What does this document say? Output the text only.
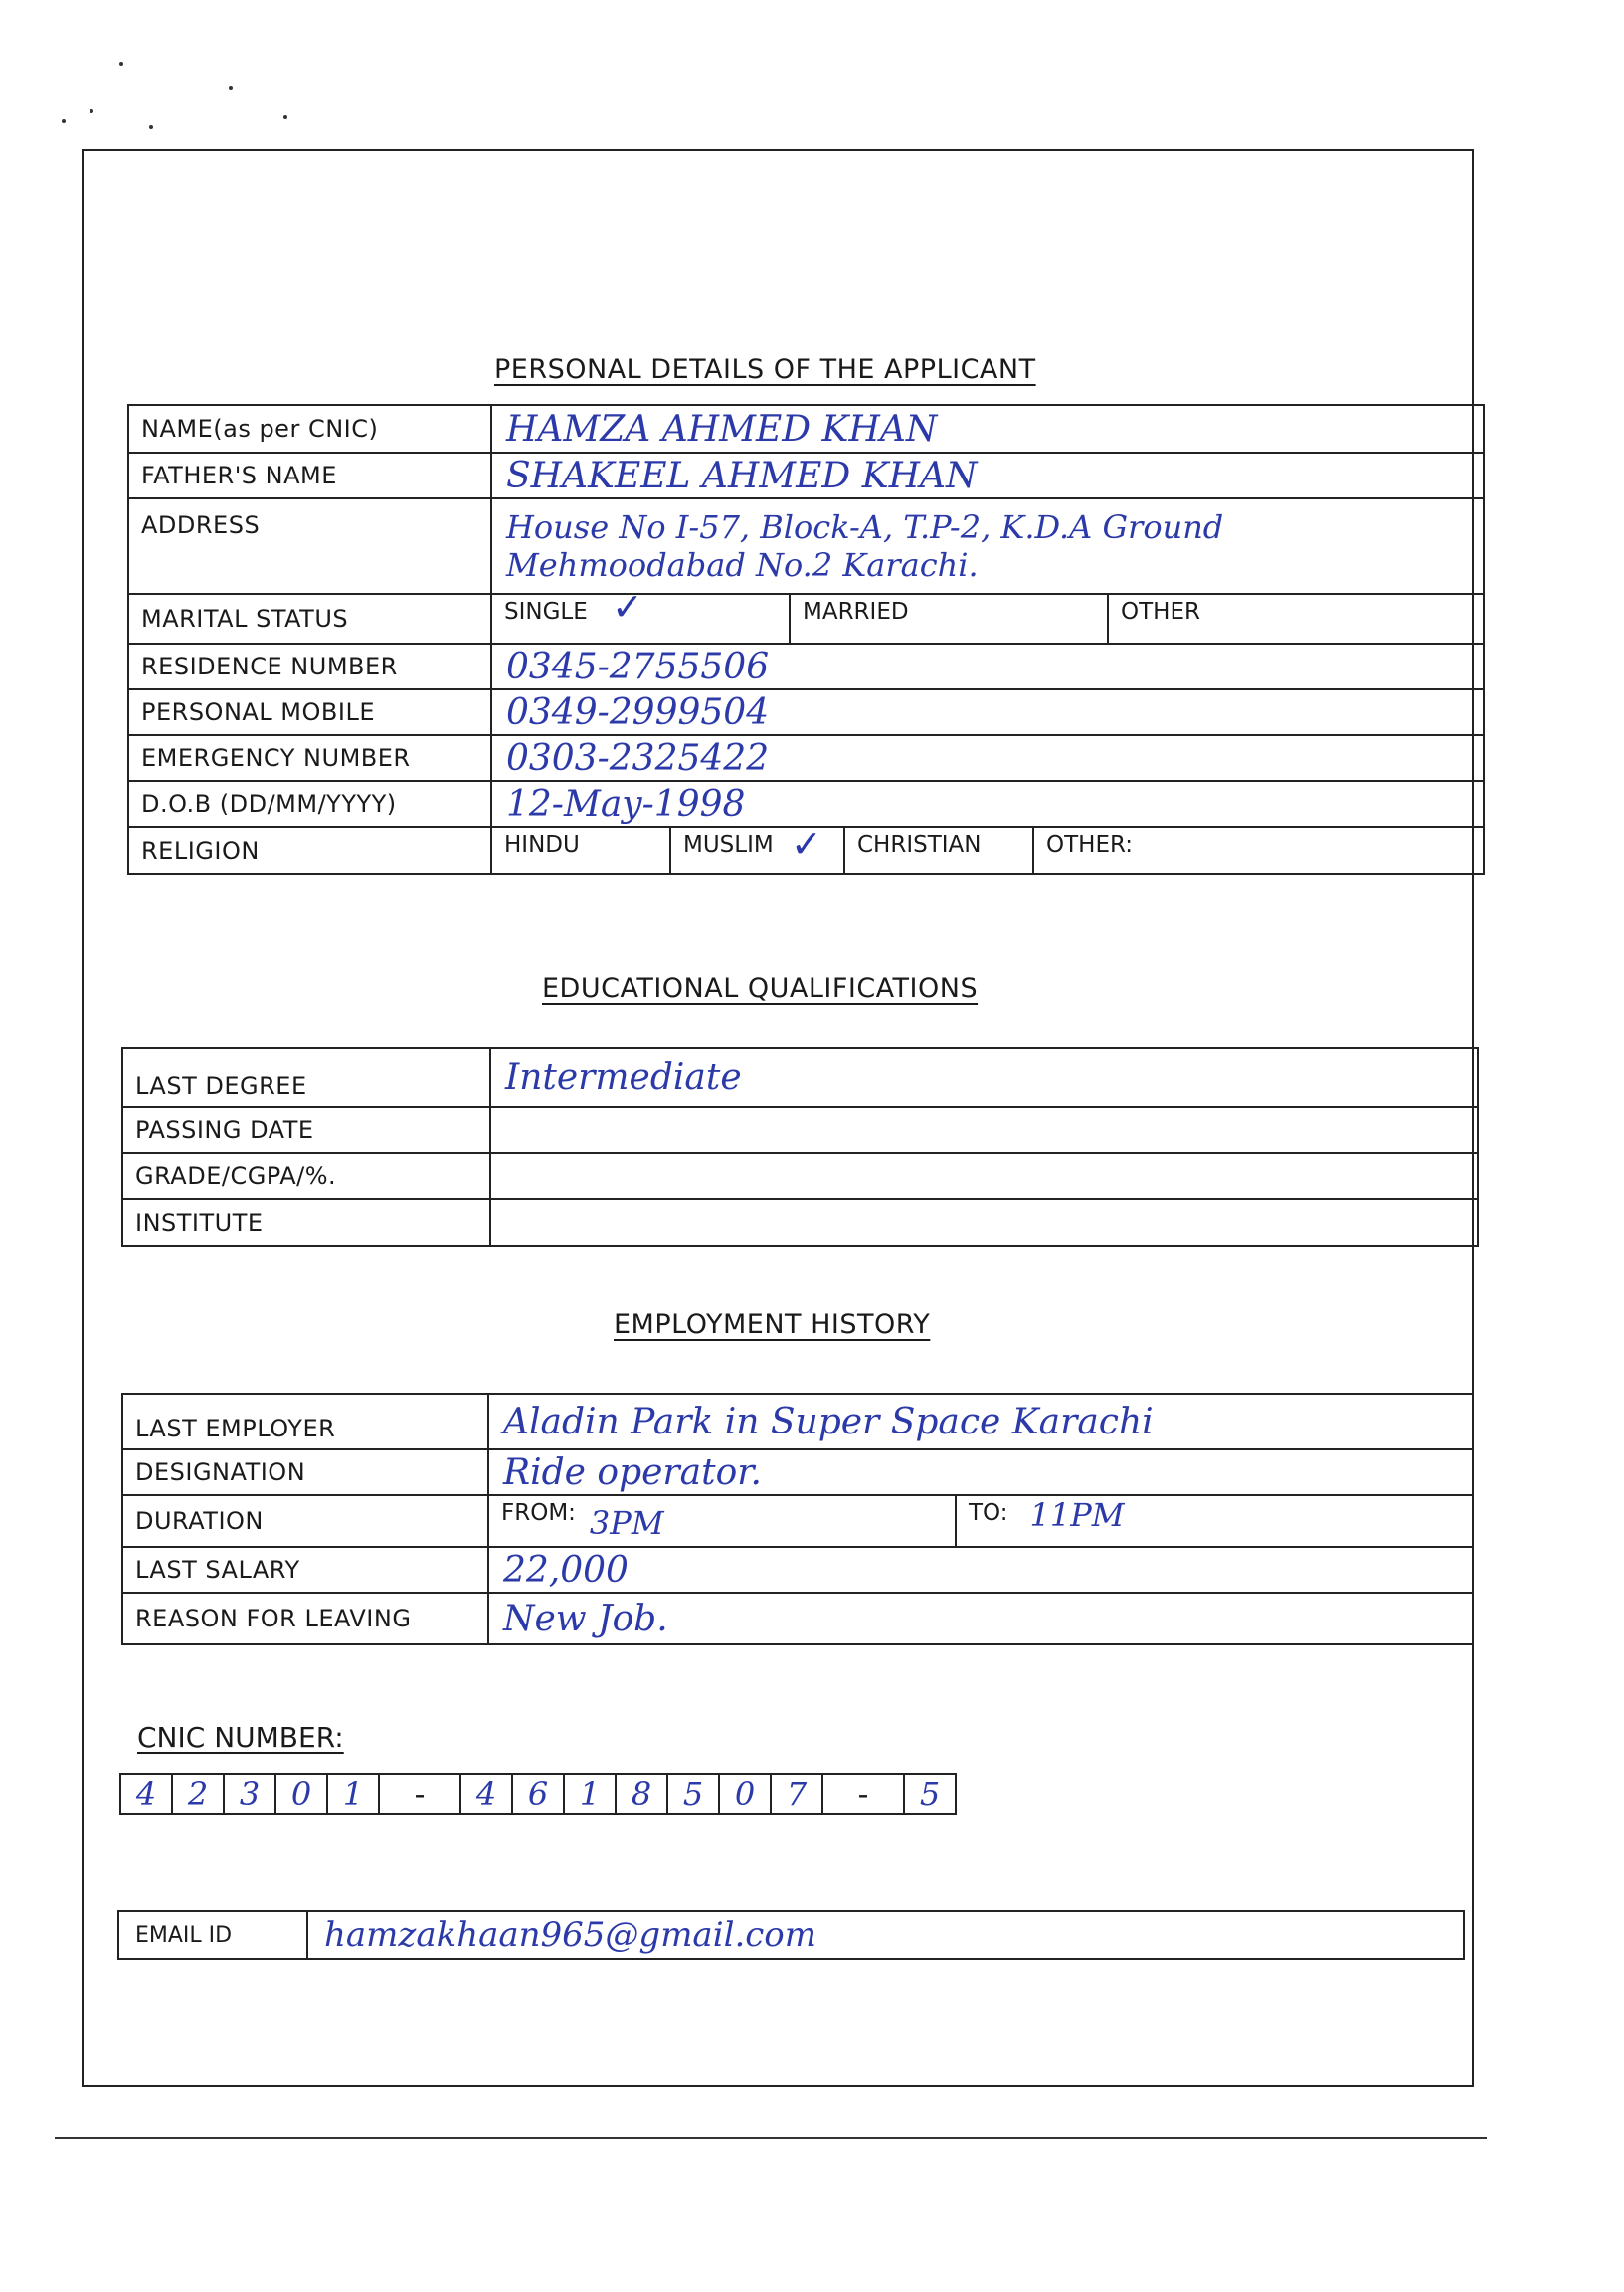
PERSONAL DETAILS OF THE APPLICANT
NAME(as per CNIC)	HAMZA AHMED KHAN
FATHER'S NAME	SHAKEEL AHMED KHAN
ADDRESS	House No I-57, Block-A, T.P-2, K.D.A Ground
Mehmoodabad No.2 Karachi.
MARITAL STATUS	SINGLE ✓	MARRIED	OTHER
RESIDENCE NUMBER	0345-2755506
PERSONAL MOBILE	0349-2999504
EMERGENCY NUMBER	0303-2325422
D.O.B (DD/MM/YYYY)	12-May-1998
RELIGION	HINDU	MUSLIM ✓	CHRISTIAN	OTHER:
EDUCATIONAL QUALIFICATIONS
LAST DEGREE	Intermediate
PASSING DATE
GRADE/CGPA/%.
INSTITUTE
EMPLOYMENT HISTORY
LAST EMPLOYER	Aladin Park in Super Space Karachi
DESIGNATION	Ride operator.
DURATION	FROM: 3PM	TO: 11PM
LAST SALARY	22,000
REASON FOR LEAVING	New Job.
CNIC NUMBER:
4 2 3 0 1	-	4 6 1 8 5 0 7	-	5
EMAIL ID	hamzakhaan965@gmail.com
